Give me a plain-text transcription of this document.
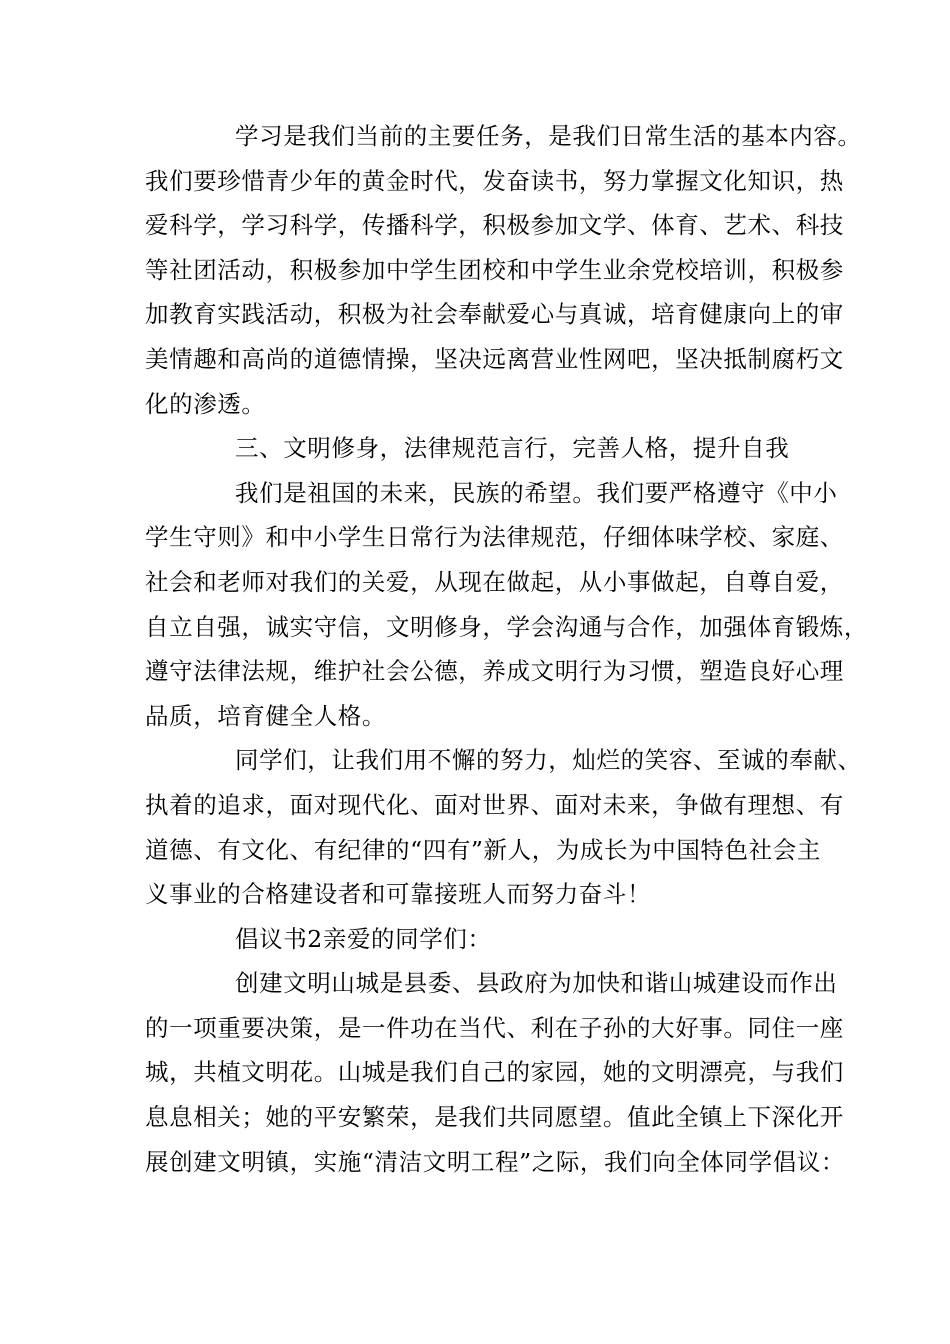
学习是我们当前的主要任务，是我们日常生活的基本内容。
我们要珍惜青少年的黄金时代，发奋读书，努力掌握文化知识，热
爱科学，学习科学，传播科学，积极参加文学、体育、艺术、科技
等社团活动，积极参加中学生团校和中学生业余党校培训，积极参
加教育实践活动，积极为社会奉献爱心与真诚，培育健康向上的审
美情趣和高尚的道德情操，坚决远离营业性网吧，坚决抵制腐朽文
化的渗透。
三、文明修身，法律规范言行，完善人格，提升自我
我们是祖国的未来，民族的希望。我们要严格遵守《中小
学生守则》和中小学生日常行为法律规范，仔细体味学校、家庭、
社会和老师对我们的关爱，从现在做起，从小事做起，自尊自爱，
自立自强，诚实守信，文明修身，学会沟通与合作，加强体育锻炼，
遵守法律法规，维护社会公德，养成文明行为习惯，塑造良好心理
品质，培育健全人格。
同学们，让我们用不懈的努力，灿烂的笑容、至诚的奉献、
执着的追求，面对现代化、面对世界、面对未来，争做有理想、有
道德、有文化、有纪律的“四有”新人，为成长为中国特色社会主
义事业的合格建设者和可靠接班人而努力奋斗！
倡议书2亲爱的同学们：
创建文明山城是县委、县政府为加快和谐山城建设而作出
的一项重要决策，是一件功在当代、利在子孙的大好事。同住一座
城，共植文明花。山城是我们自己的家园，她的文明漂亮，与我们
息息相关；她的平安繁荣，是我们共同愿望。值此全镇上下深化开
展创建文明镇，实施“清洁文明工程”之际，我们向全体同学倡议：
